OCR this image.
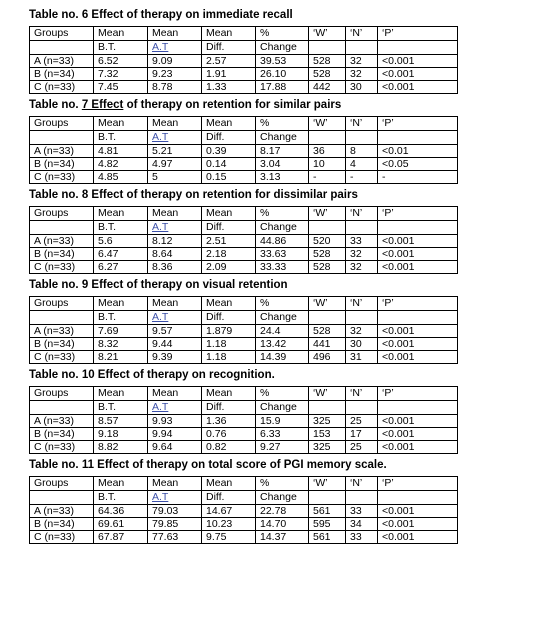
Table no. 6 Effect of therapy on immediate recall
Groups	Mean	Mean	Mean	%	‘W’	‘N’	‘P’
	B.T.	A.T	Diff.	Change			
A (n=33)	6.52	9.09	2.57	39.53	528	32	<0.001
B (n=34)	7.32	9.23	1.91	26.10	528	32	<0.001
C (n=33)	7.45	8.78	1.33	17.88	442	30	<0.001
Table no. 7 Effect of therapy on retention for similar pairs
Groups	Mean	Mean	Mean	%	‘W’	‘N’	‘P’
	B.T.	A.T	Diff.	Change			
A (n=33)	4.81	5.21	0.39	8.17	36	8	<0.01
B (n=34)	4.82	4.97	0.14	3.04	10	4	<0.05
C (n=33)	4.85	5	0.15	3.13	-	-	-
Table no. 8 Effect of therapy on retention for dissimilar pairs
Groups	Mean	Mean	Mean	%	‘W’	‘N’	‘P’
	B.T.	A.T	Diff.	Change			
A (n=33)	5.6	8.12	2.51	44.86	520	33	<0.001
B (n=34)	6.47	8.64	2.18	33.63	528	32	<0.001
C (n=33)	6.27	8.36	2.09	33.33	528	32	<0.001
Table no. 9 Effect of therapy on visual retention
Groups	Mean	Mean	Mean	%	‘W’	‘N’	‘P’
	B.T.	A.T	Diff.	Change			
A (n=33)	7.69	9.57	1.879	24.4	528	32	<0.001
B (n=34)	8.32	9.44	1.18	13.42	441	30	<0.001
C (n=33)	8.21	9.39	1.18	14.39	496	31	<0.001
Table no. 10 Effect of therapy on recognition.
Groups	Mean	Mean	Mean	%	‘W’	‘N’	‘P’
	B.T.	A.T	Diff.	Change			
A (n=33)	8.57	9.93	1.36	15.9	325	25	<0.001
B (n=34)	9.18	9.94	0.76	6.33	153	17	<0.001
C (n=33)	8.82	9.64	0.82	9.27	325	25	<0.001
Table no. 11 Effect of therapy on total score of PGI memory scale.
Groups	Mean	Mean	Mean	%	‘W’	‘N’	‘P’
	B.T.	A.T	Diff.	Change			
A (n=33)	64.36	79.03	14.67	22.78	561	33	<0.001
B (n=34)	69.61	79.85	10.23	14.70	595	34	<0.001
C (n=33)	67.87	77.63	9.75	14.37	561	33	<0.001
